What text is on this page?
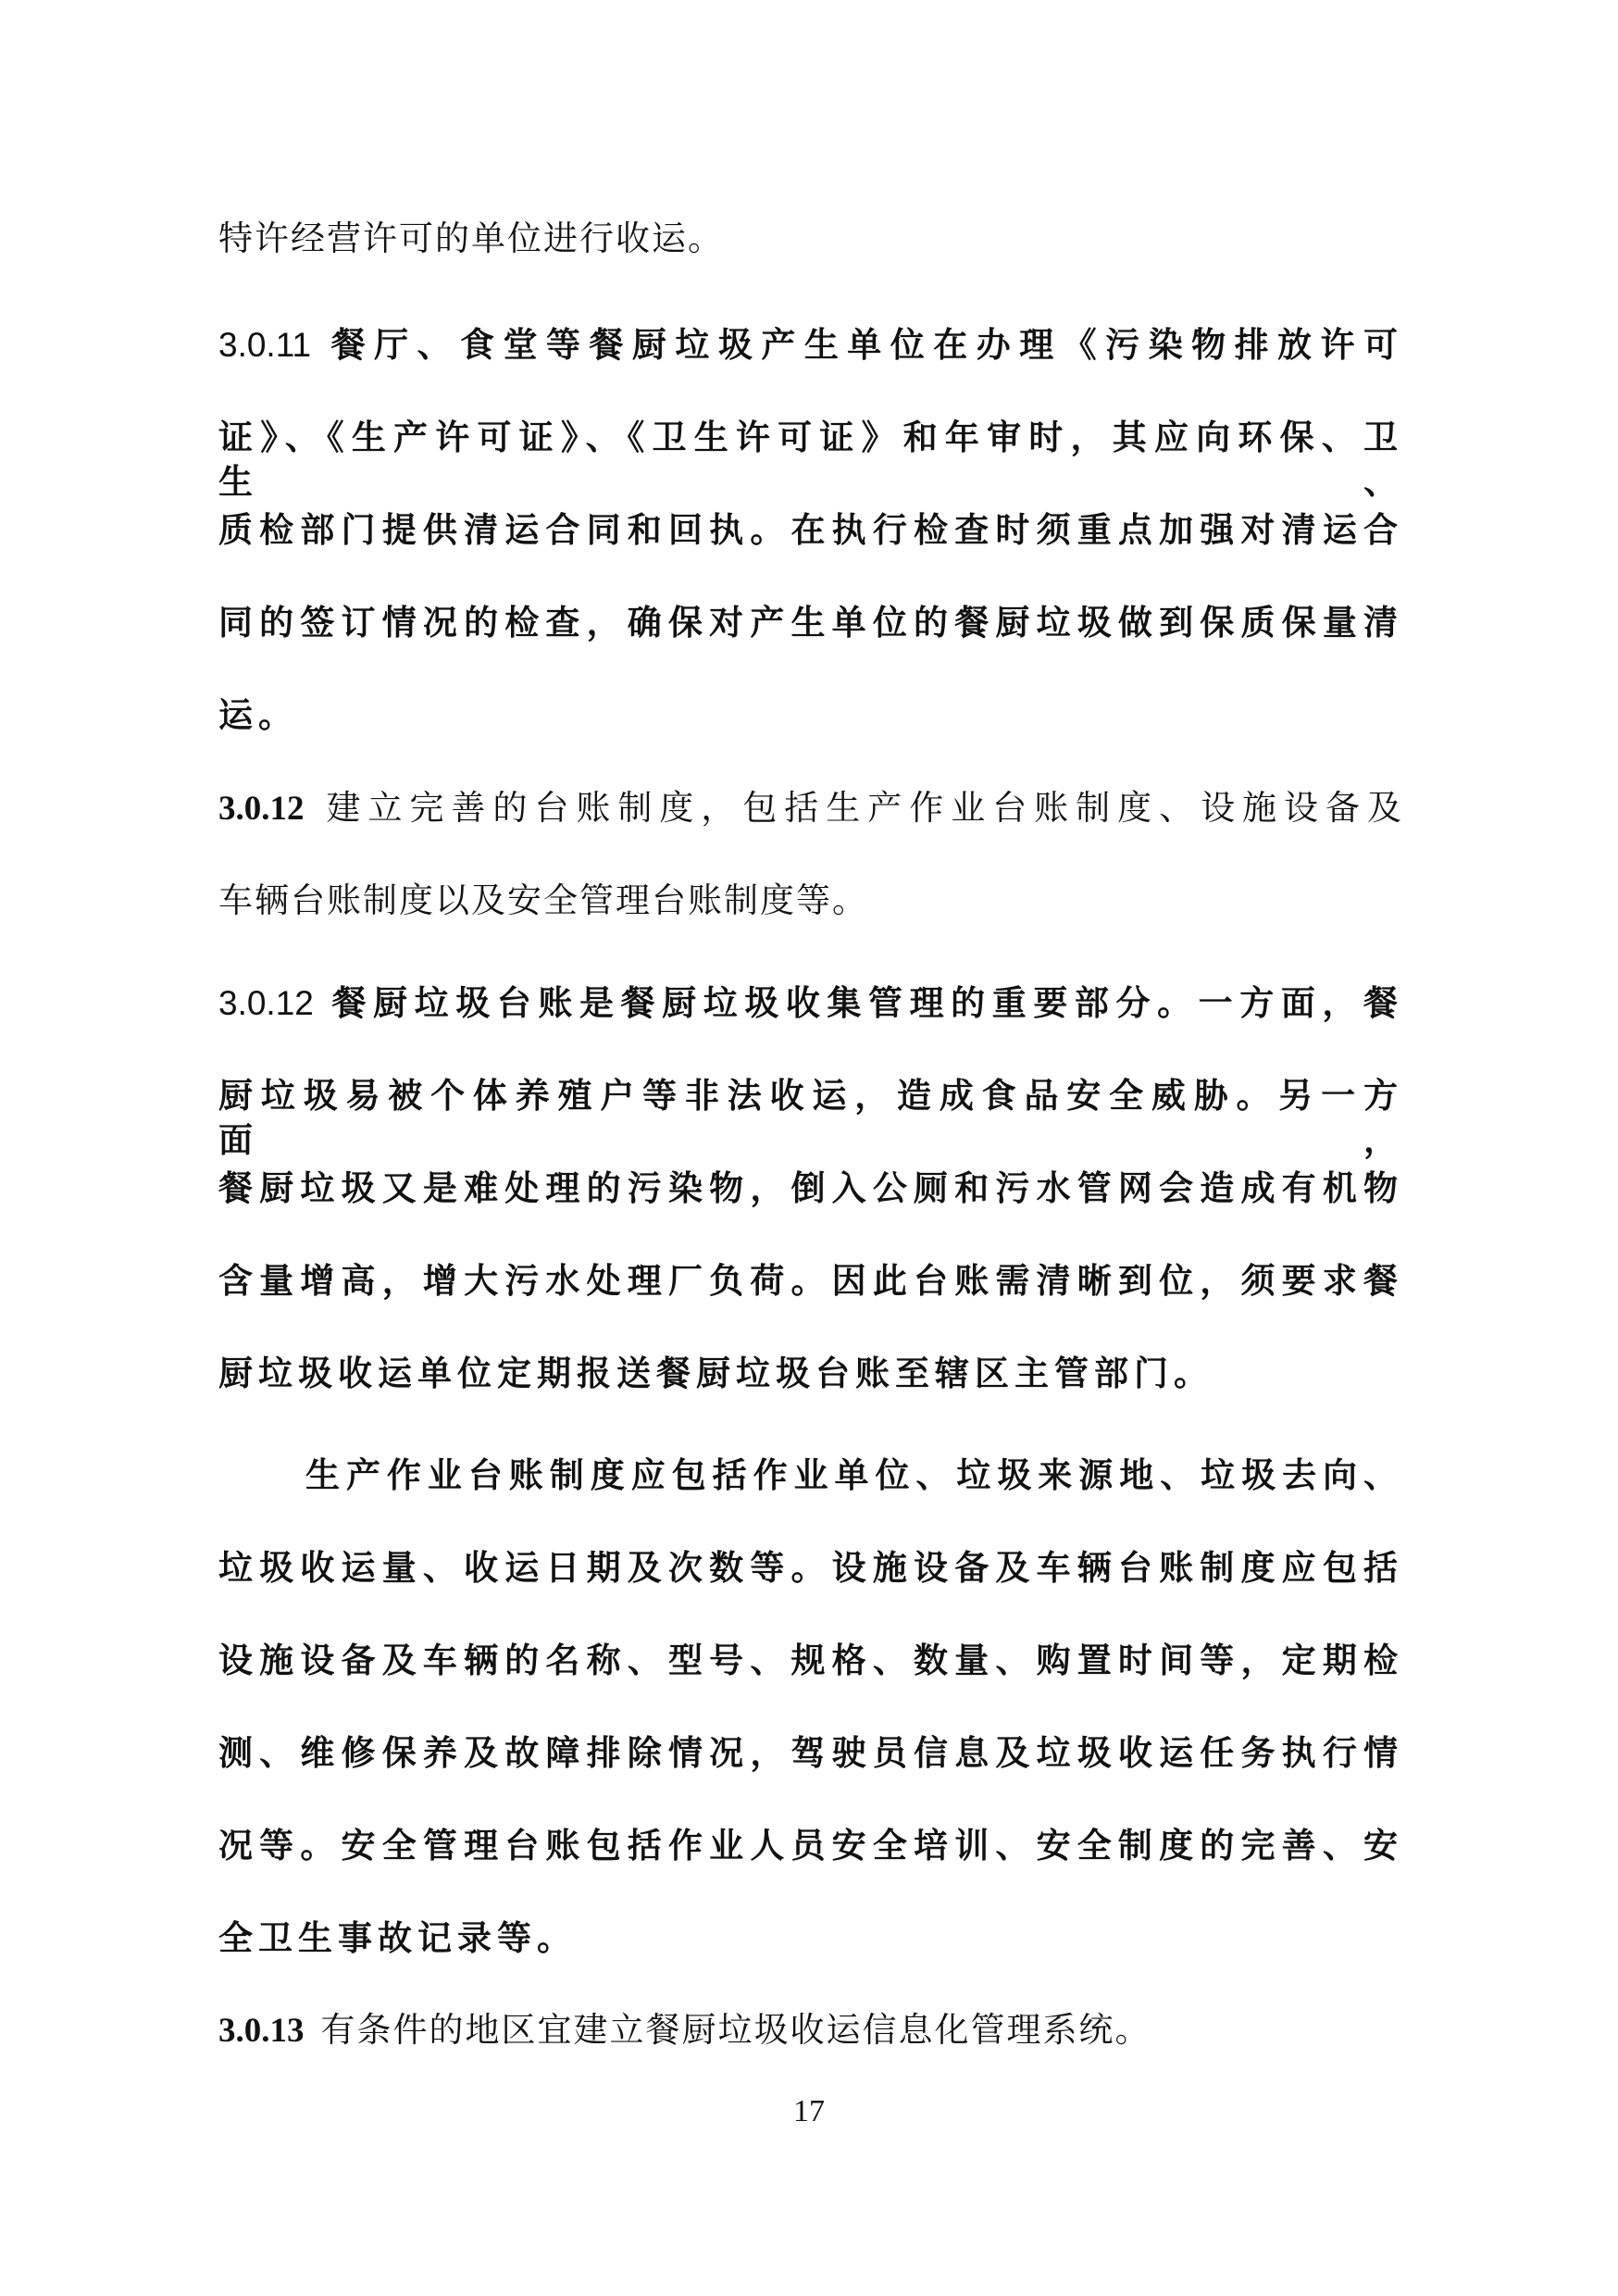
特许经营许可的单位进行收运。
3.0.11 餐厅、食堂等餐厨垃圾产生单位在办理《污染物排放许可
证》、《生产许可证》、《卫生许可证》和年审时，其应向环保、卫生、
质检部门提供清运合同和回执。在执行检查时须重点加强对清运合
同的签订情况的检查，确保对产生单位的餐厨垃圾做到保质保量清
运。
3.0.12 建立完善的台账制度，包括生产作业台账制度、设施设备及
车辆台账制度以及安全管理台账制度等。
3.0.12 餐厨垃圾台账是餐厨垃圾收集管理的重要部分。一方面，餐
厨垃圾易被个体养殖户等非法收运，造成食品安全威胁。另一方面，
餐厨垃圾又是难处理的污染物，倒入公厕和污水管网会造成有机物
含量增高，增大污水处理厂负荷。因此台账需清晰到位，须要求餐
厨垃圾收运单位定期报送餐厨垃圾台账至辖区主管部门。
生产作业台账制度应包括作业单位、垃圾来源地、垃圾去向、
垃圾收运量、收运日期及次数等。设施设备及车辆台账制度应包括
设施设备及车辆的名称、型号、规格、数量、购置时间等，定期检
测、维修保养及故障排除情况，驾驶员信息及垃圾收运任务执行情
况等。安全管理台账包括作业人员安全培训、安全制度的完善、安
全卫生事故记录等。
3.0.13 有条件的地区宜建立餐厨垃圾收运信息化管理系统。
17
